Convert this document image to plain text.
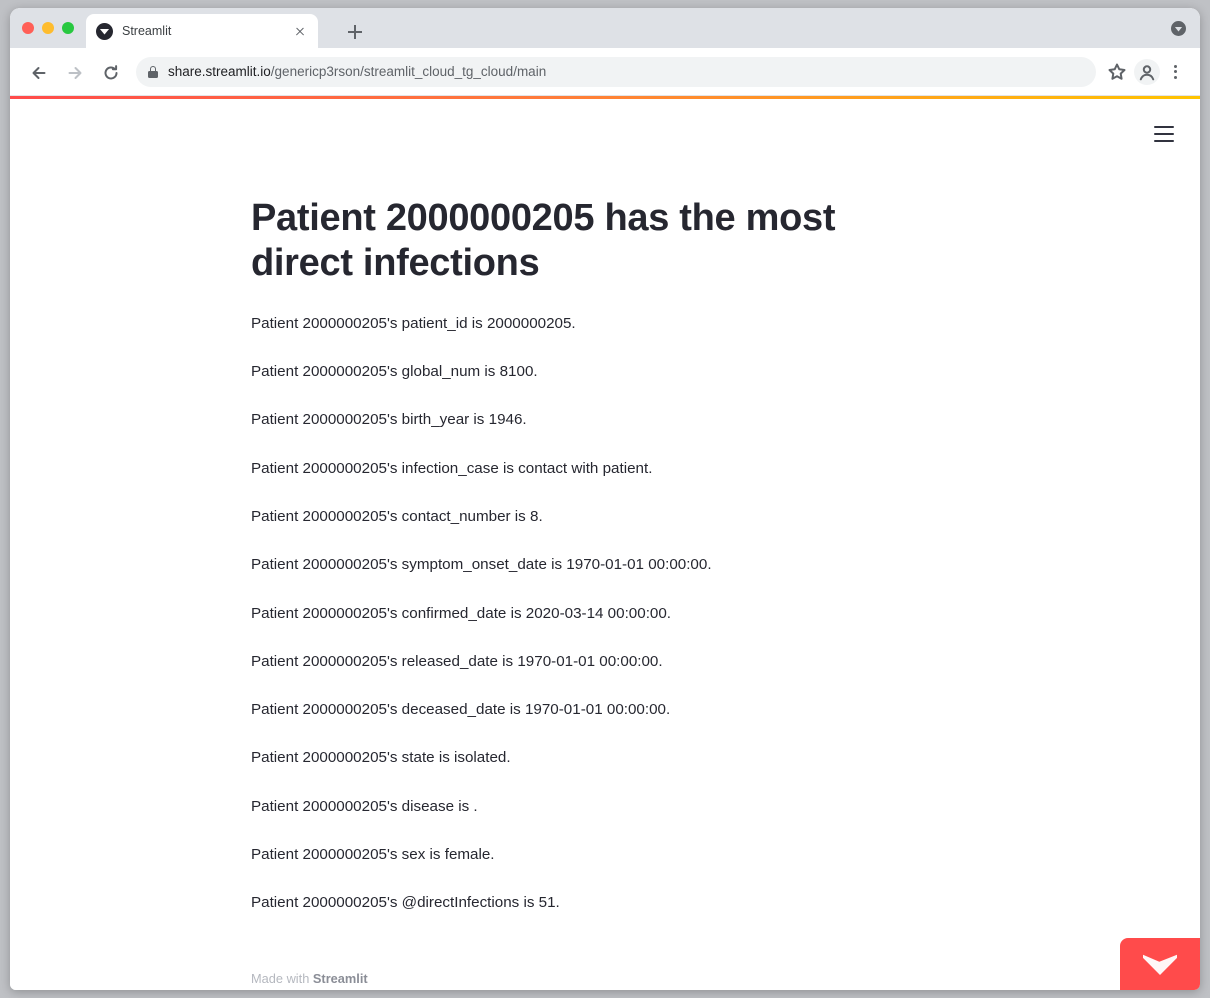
Streamlit
share.streamlit.io/genericp3rson/streamlit_cloud_tg_cloud/main
Patient 2000000205 has the most direct infections

Patient 2000000205's patient_id is 2000000205.

Patient 2000000205's global_num is 8100.

Patient 2000000205's birth_year is 1946.

Patient 2000000205's infection_case is contact with patient.

Patient 2000000205's contact_number is 8.

Patient 2000000205's symptom_onset_date is 1970-01-01 00:00:00.

Patient 2000000205's confirmed_date is 2020-03-14 00:00:00.

Patient 2000000205's released_date is 1970-01-01 00:00:00.

Patient 2000000205's deceased_date is 1970-01-01 00:00:00.

Patient 2000000205's state is isolated.

Patient 2000000205's disease is .

Patient 2000000205's sex is female.

Patient 2000000205's @directInfections is 51.

Made with Streamlit
